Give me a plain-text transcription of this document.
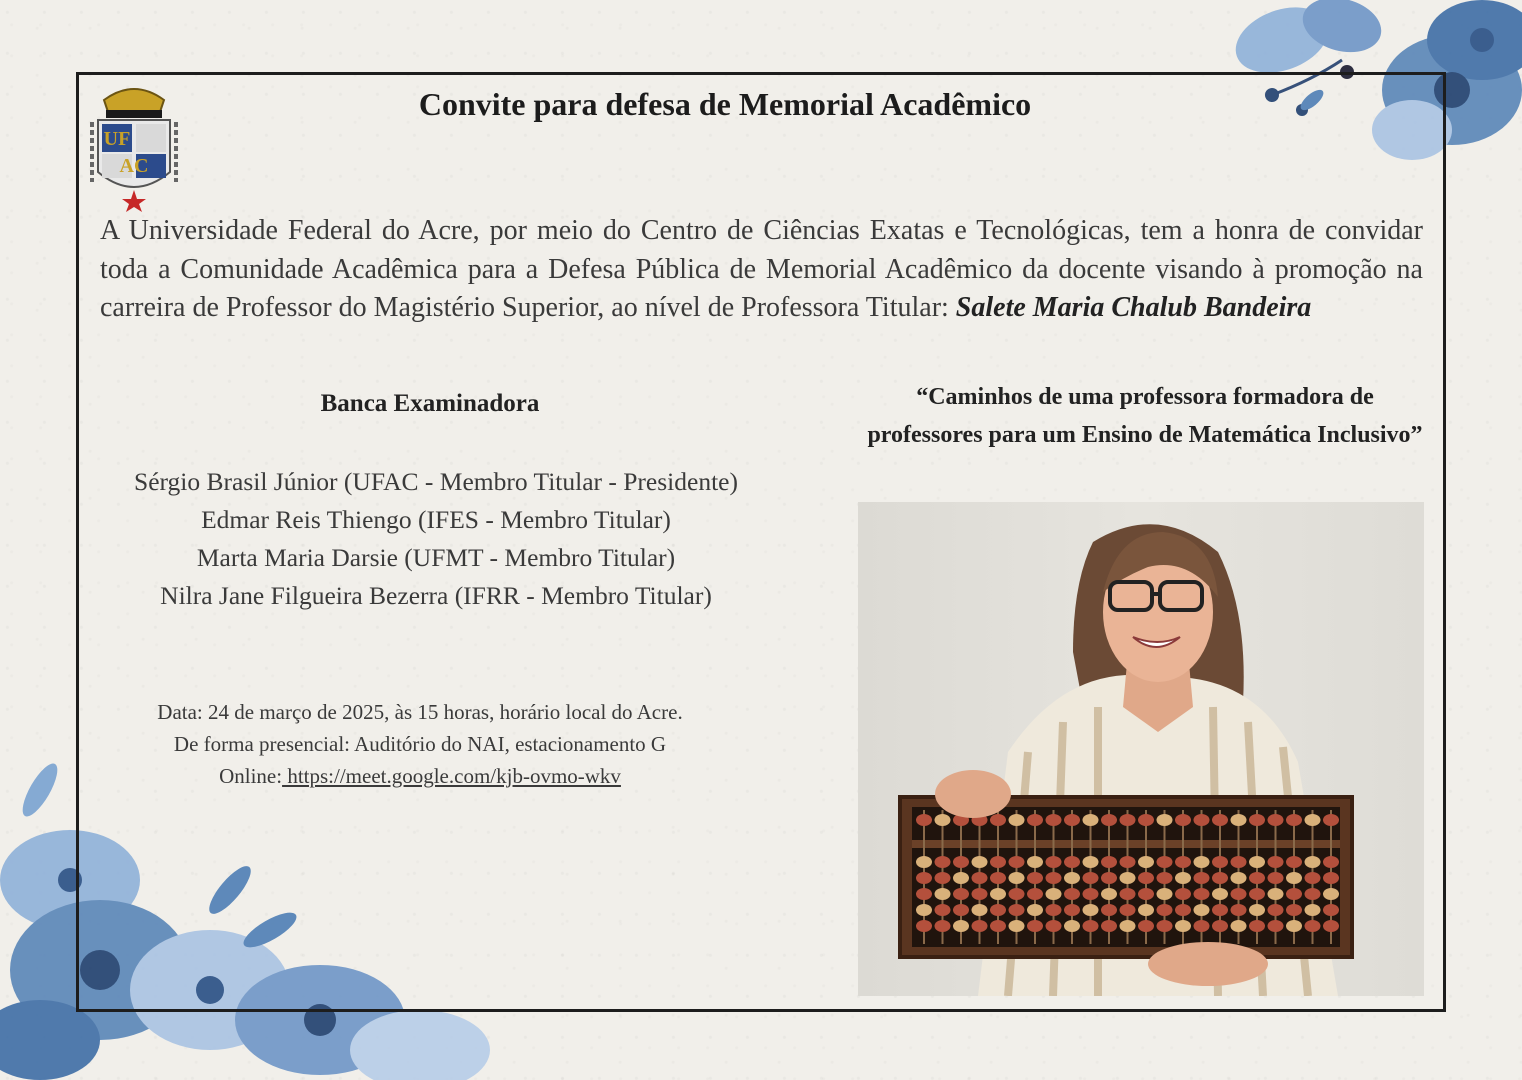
UF
AC
Convite para defesa de Memorial Acadêmico
A Universidade Federal do Acre, por meio do Centro de Ciências Exatas e Tecnológicas, tem a honra de convidar toda a Comunidade Acadêmica para a Defesa Pública de Memorial Acadêmico da docente visando à promoção na carreira de Professor do Magistério Superior, ao nível de Professora Titular: Salete Maria Chalub Bandeira
Banca Examinadora
Sérgio Brasil Júnior (UFAC - Membro Titular - Presidente)
Edmar Reis Thiengo (IFES - Membro Titular)
Marta Maria Darsie (UFMT - Membro Titular)
Nilra Jane Filgueira Bezerra (IFRR - Membro Titular)
Data: 24 de março de 2025, às 15 horas, horário local do Acre.
De forma presencial: Auditório do NAI, estacionamento G
Online: https://meet.google.com/kjb-ovmo-wkv
“Caminhos de uma professora formadora de professores para um Ensino de Matemática Inclusivo”
